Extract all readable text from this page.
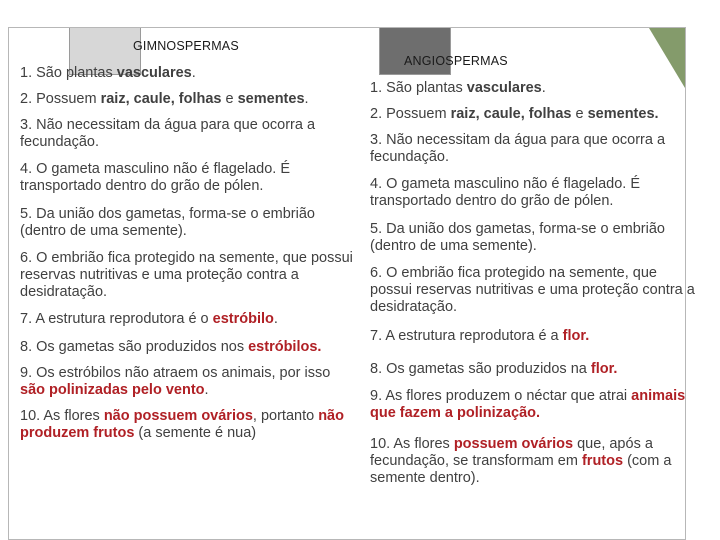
GIMNOSPERMAS
ANGIOSPERMAS

1. São plantas vasculares.

2. Possuem raiz, caule, folhas e sementes.

3. Não necessitam da água para que ocorra a fecundação.

4. O gameta masculino não é flagelado. É transportado dentro do grão de pólen.

5. Da união dos gametas, forma-se o embrião (dentro de uma semente).

6. O embrião fica protegido na semente, que possui reservas nutritivas e uma proteção contra a desidratação.

7. A estrutura reprodutora é o estróbilo.

8. Os gametas são produzidos nos estróbilos.

9. Os estróbilos não atraem os animais, por isso são polinizadas pelo vento.

10. As flores não possuem ovários, portanto não produzem frutos (a semente é nua)

1. São plantas vasculares.

2. Possuem raiz, caule, folhas e sementes.

3. Não necessitam da água para que ocorra a fecundação.

4. O gameta masculino não é flagelado. É transportado dentro do grão de pólen.

5. Da união dos gametas, forma-se o embrião (dentro de uma semente).

6. O embrião fica protegido na semente, que possui reservas nutritivas e uma proteção contra a desidratação.

7. A estrutura reprodutora é a flor.

8. Os gametas são produzidos na flor.

9. As flores produzem o néctar que atrai animais que fazem a polinização.

10. As flores possuem ovários que, após a fecundação, se transformam em frutos (com a semente dentro).
